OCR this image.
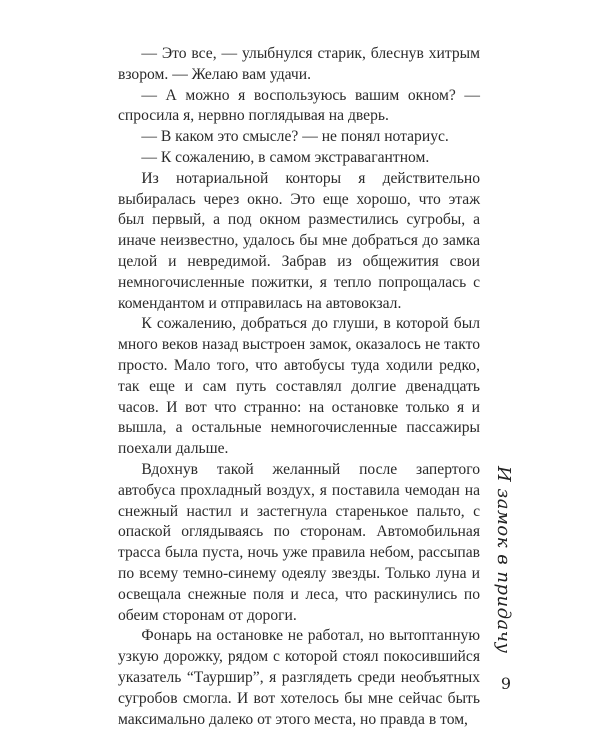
— Это все, — улыбнулся старик, блеснув хитрым взором. — Желаю вам удачи.

— А можно я воспользуюсь вашим окном? — спросила я, нервно поглядывая на дверь.

— В каком это смысле? — не понял нотариус.

— К сожалению, в самом экстравагантном.

Из нотариальной конторы я действительно выбиралась через окно. Это еще хорошо, что этаж был первый, а под окном разместились сугробы, а иначе неизвестно, удалось бы мне добраться до замка целой и невредимой. Забрав из общежития свои немногочисленные пожитки, я тепло попрощалась с комендантом и отправилась на автовокзал.

К сожалению, добраться до глуши, в которой был много веков назад выстроен замок, оказалось не такто просто. Мало того, что автобусы туда ходили редко, так еще и сам путь составлял долгие двенадцать часов. И вот что странно: на остановке только я и вышла, а остальные немногочисленные пассажиры поехали дальше.

Вдохнув такой желанный после запертого автобуса прохладный воздух, я поставила чемодан на снежный настил и застегнула старенькое пальто, с опаской оглядываясь по сторонам. Автомобильная трасса была пуста, ночь уже правила небом, рассыпав по всему темно-синему одеялу звезды. Только луна и освещала снежные поля и леса, что раскинулись по обеим сторонам от дороги.

Фонарь на остановке не работал, но вытоптанную узкую дорожку, рядом с которой стоял покосившийся указатель “Тауршир”, я разглядеть среди необъятных сугробов смогла. И вот хотелось бы мне сейчас быть максимально далеко от этого места, но правда в том,

И замок в придачу
9
